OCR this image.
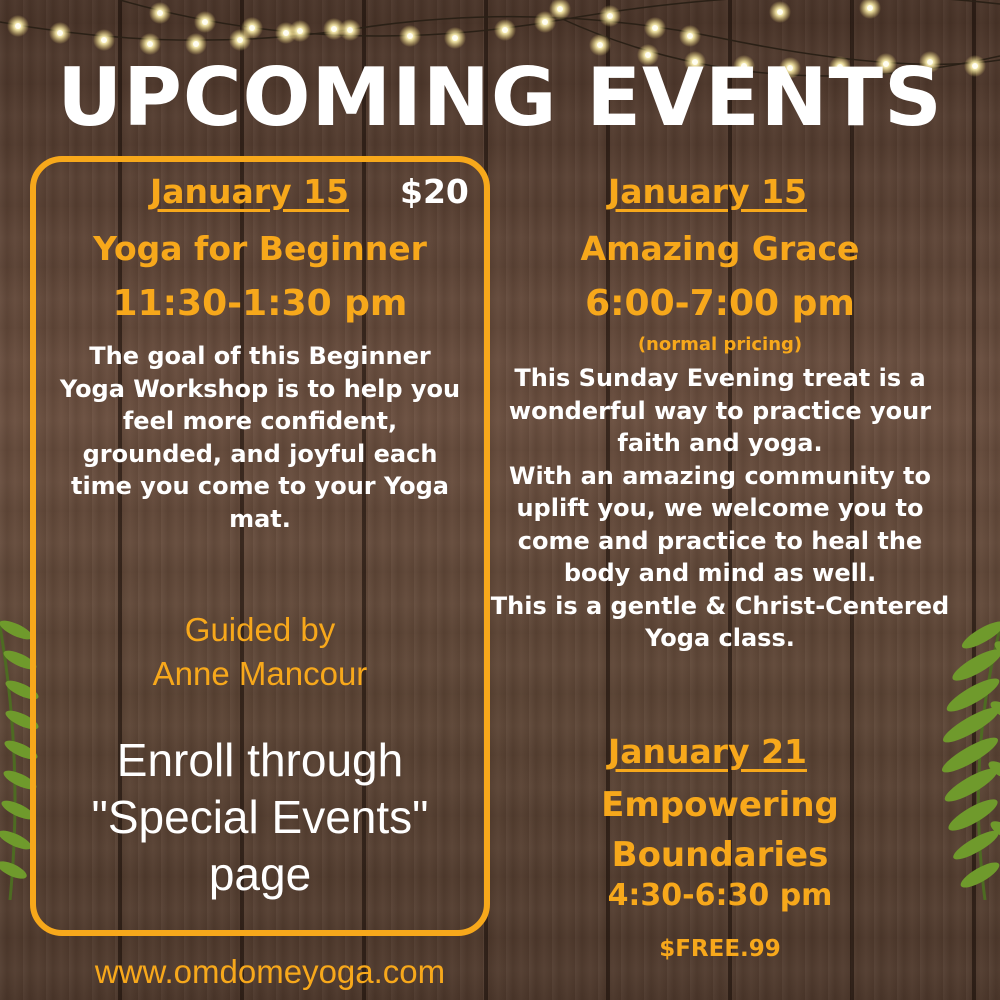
UPCOMING EVENTS
January 15 $20
Yoga for Beginner
11:30-1:30 pm
The goal of this Beginner
Yoga Workshop is to help you
feel more confident,
grounded, and joyful each
time you come to your Yoga
mat.
Guided by
Anne Mancour
Enroll through
"Special Events"
page
January 15
Amazing Grace
6:00-7:00 pm
(normal pricing)
This Sunday Evening treat is a
wonderful way to practice your
faith and yoga.
With an amazing community to
uplift you, we welcome you to
come and practice to heal the
body and mind as well.
This is a gentle & Christ-Centered
Yoga class.
January 21
Empowering
Boundaries
4:30-6:30 pm
$FREE.99
www.omdomeyoga.com
